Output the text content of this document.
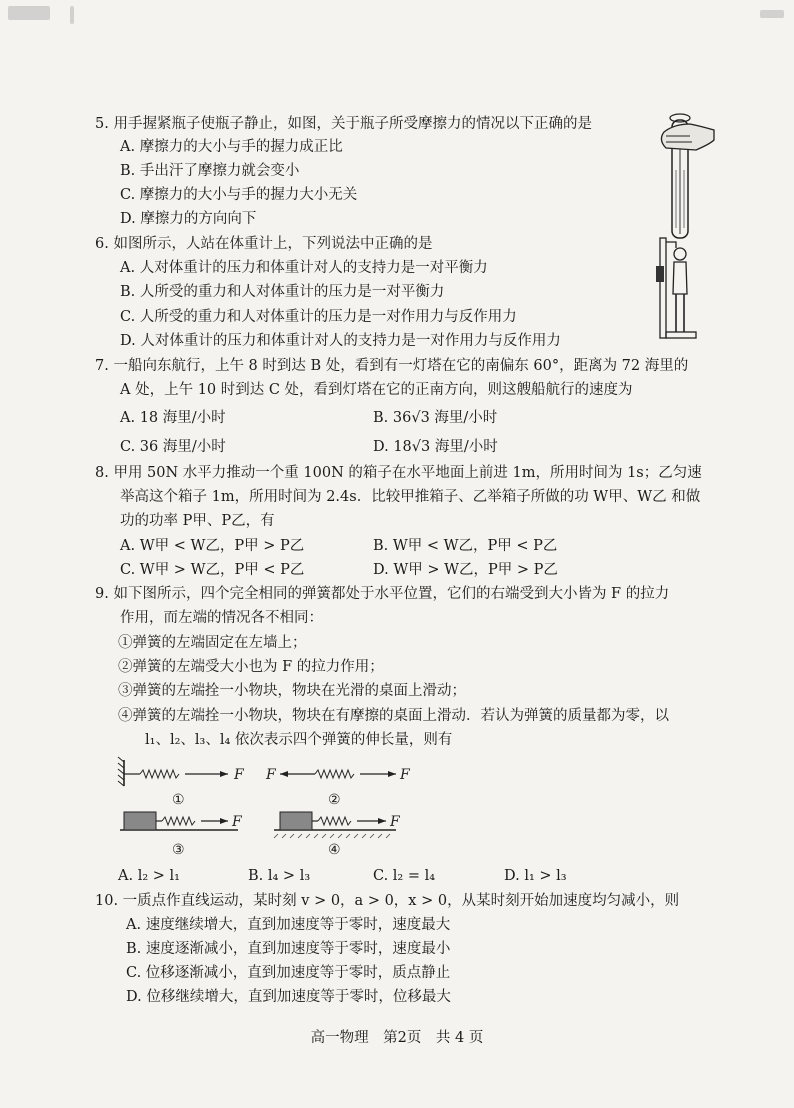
5. 用手握紧瓶子使瓶子静止，如图，关于瓶子所受摩擦力的情况以下正确的是
A. 摩擦力的大小与手的握力成正比
B. 手出汗了摩擦力就会变小
C. 摩擦力的大小与手的握力大小无关
D. 摩擦力的方向向下
6. 如图所示，人站在体重计上，下列说法中正确的是
A. 人对体重计的压力和体重计对人的支持力是一对平衡力
B. 人所受的重力和人对体重计的压力是一对平衡力
C. 人所受的重力和人对体重计的压力是一对作用力与反作用力
D. 人对体重计的压力和体重计对人的支持力是一对作用力与反作用力
7. 一船向东航行，上午 8 时到达 B 处，看到有一灯塔在它的南偏东 60°，距离为 72 海里的
A 处，上午 10 时到达 C 处，看到灯塔在它的正南方向，则这艘船航行的速度为
A. 18 海里/小时	B. 36√3 海里/小时
C. 36 海里/小时	D. 18√3 海里/小时
8. 甲用 50N 水平力推动一个重 100N 的箱子在水平地面上前进 1m，所用时间为 1s；乙匀速
举高这个箱子 1m，所用时间为 2.4s．比较甲推箱子、乙举箱子所做的功 W甲、W乙 和做
功的功率 P甲、P乙，有
A. W甲 < W乙，P甲 > P乙	B. W甲 < W乙，P甲 < P乙
C. W甲 > W乙，P甲 < P乙	D. W甲 > W乙，P甲 > P乙
9. 如下图所示，四个完全相同的弹簧都处于水平位置，它们的右端受到大小皆为 F 的拉力
作用，而左端的情况各不相同：
①弹簧的左端固定在左墙上；
②弹簧的左端受大小也为 F 的拉力作用；
③弹簧的左端拴一小物块，物块在光滑的桌面上滑动；
④弹簧的左端拴一小物块，物块在有摩擦的桌面上滑动．若认为弹簧的质量都为零，以
l₁、l₂、l₃、l₄ 依次表示四个弹簧的伸长量，则有
F
①
F	F
②
F
③
F
④
A. l₂ > l₁	B. l₄ > l₃	C. l₂ = l₄	D. l₁ > l₃
10. 一质点作直线运动，某时刻 v > 0，a > 0，x > 0，从某时刻开始加速度均匀减小，则
A. 速度继续增大，直到加速度等于零时，速度最大
B. 速度逐渐减小，直到加速度等于零时，速度最小
C. 位移逐渐减小，直到加速度等于零时，质点静止
D. 位移继续增大，直到加速度等于零时，位移最大
高一物理　第2页　共 4 页
